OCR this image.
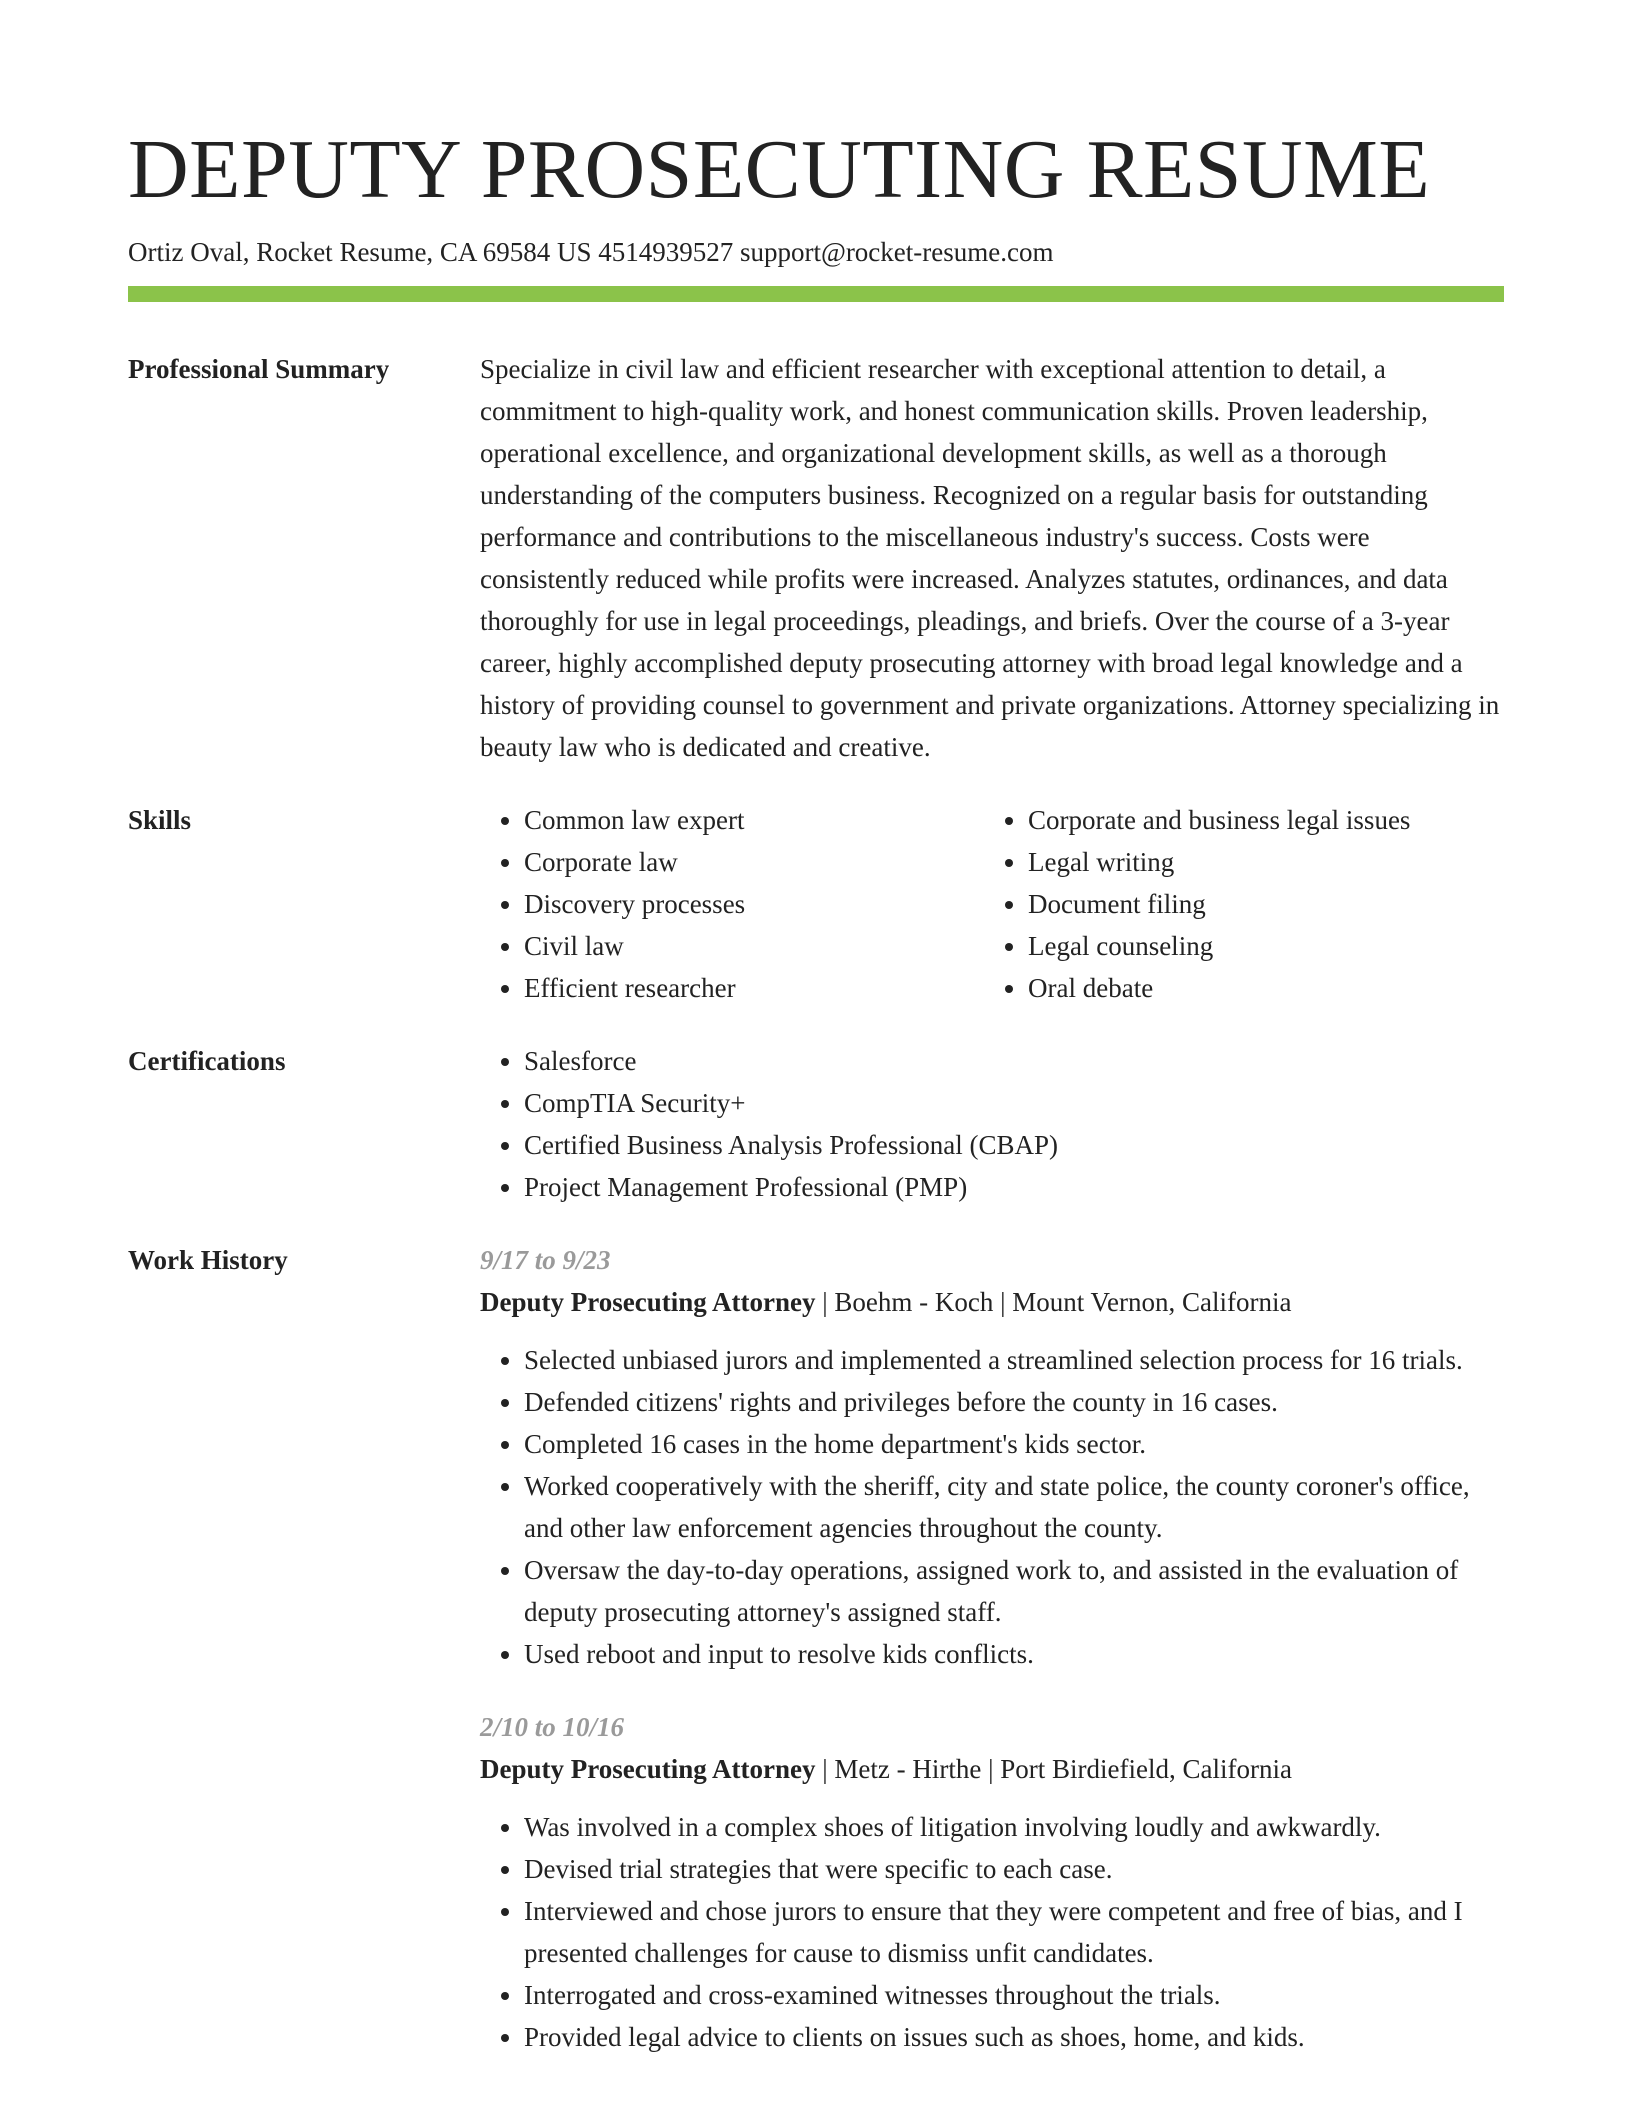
DEPUTY PROSECUTING RESUME
Ortiz Oval, Rocket Resume, CA 69584 US 4514939527 support@rocket-resume.com
Professional Summary	Specialize in civil law and efficient researcher with exceptional attention to detail, a commitment to high-quality work, and honest communication skills. Proven leadership, operational excellence, and organizational development skills, as well as a thorough understanding of the computers business. Recognized on a regular basis for outstanding performance and contributions to the miscellaneous industry's success. Costs were consistently reduced while profits were increased. Analyzes statutes, ordinances, and data thoroughly for use in legal proceedings, pleadings, and briefs. Over the course of a 3-year career, highly accomplished deputy prosecuting attorney with broad legal knowledge and a history of providing counsel to government and private organizations. Attorney specializing in beauty law who is dedicated and creative.

Skills	• Common law expert
• Corporate law
• Discovery processes
• Civil law
• Efficient researcher
• Corporate and business legal issues
• Legal writing
• Document filing
• Legal counseling
• Oral debate
Certifications	• Salesforce
• CompTIA Security+
• Certified Business Analysis Professional (CBAP)
• Project Management Professional (PMP)
Work History	9/17 to 9/23
Deputy Prosecuting Attorney | Boehm - Koch | Mount Vernon, California
• Selected unbiased jurors and implemented a streamlined selection process for 16 trials.
• Defended citizens' rights and privileges before the county in 16 cases.
• Completed 16 cases in the home department's kids sector.
• Worked cooperatively with the sheriff, city and state police, the county coroner's office, and other law enforcement agencies throughout the county.
• Oversaw the day-to-day operations, assigned work to, and assisted in the evaluation of deputy prosecuting attorney's assigned staff.
• Used reboot and input to resolve kids conflicts.
2/10 to 10/16
Deputy Prosecuting Attorney | Metz - Hirthe | Port Birdiefield, California
• Was involved in a complex shoes of litigation involving loudly and awkwardly.
• Devised trial strategies that were specific to each case.
• Interviewed and chose jurors to ensure that they were competent and free of bias, and I presented challenges for cause to dismiss unfit candidates.
• Interrogated and cross-examined witnesses throughout the trials.
• Provided legal advice to clients on issues such as shoes, home, and kids.
